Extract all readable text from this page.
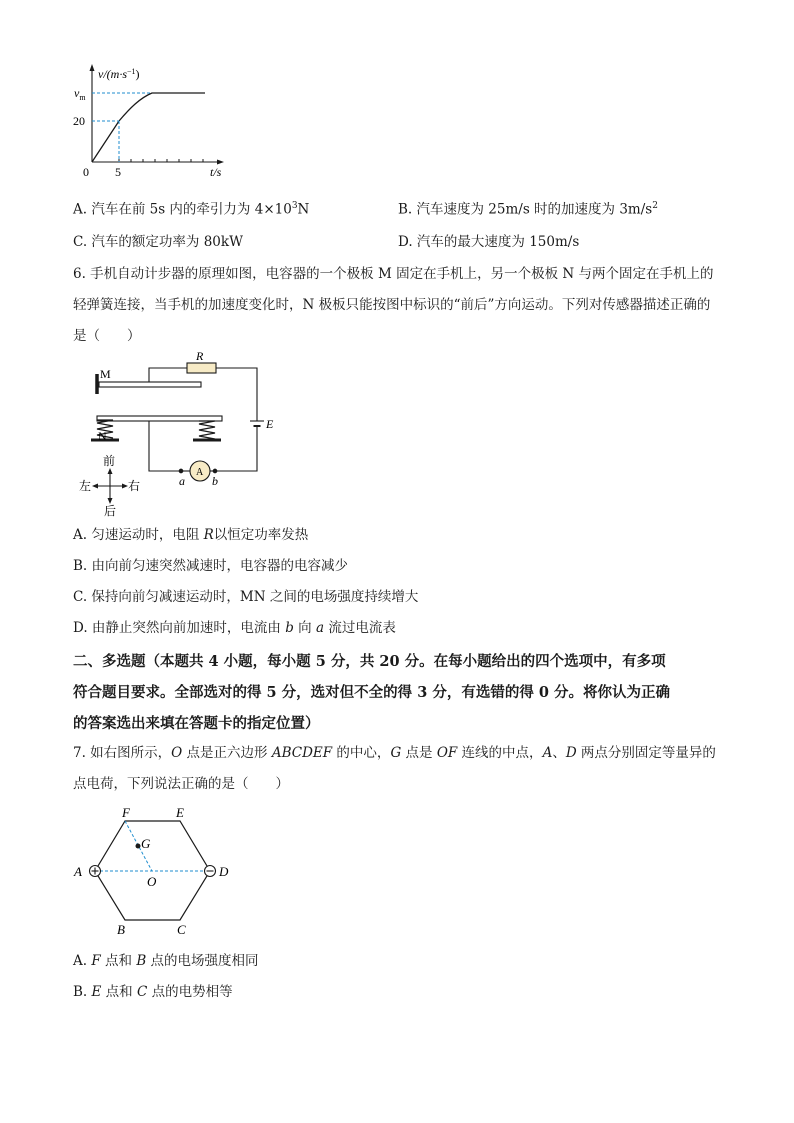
$v/(m\cdot s^{-1})$
$v_m$
20
0 5	t/s
A. 汽车在前 5s 内的牵引力为 $4\times 10^3N$	B. 汽车速度为 25m/s 时的加速度为 $3m/s^2$
C. 汽车的额定功率为 80kW	D. 汽车的最大速度为 150m/s
6. 手机自动计步器的原理如图，电容器的一个极板 M 固定在手机上，另一个极板 N 与两个固定在手机上的
轻弹簧连接，当手机的加速度变化时，N 极板只能按图中标识的“前后”方向运动。下列对传感器描述正确的
是（　　）
M
N
R
E
A
a b
前
后
左	右
A. 匀速运动时，电阻 R以恒定功率发热
B. 由向前匀速突然减速时，电容器的电容减少
C. 保持向前匀减速运动时，MN 之间的电场强度持续增大
D. 由静止突然向前加速时，电流由 b 向 a 流过电流表
二、多选题（本题共 4 小题，每小题 5 分，共 20 分。在每小题给出的四个选项中，有多项
符合题目要求。全部选对的得 5 分，选对但不全的得 3 分，有选错的得 0 分。将你认为正确
的答案选出来填在答题卡的指定位置）
7. 如右图所示，O 点是正六边形 ABCDEF 的中心，G 点是 OF 连线的中点，A、D 两点分别固定等量异的
点电荷，下列说法正确的是（　　）
F	E
G
A
O
D
B	C
A. F 点和 B 点的电场强度相同
B. E 点和 C 点的电势相等
